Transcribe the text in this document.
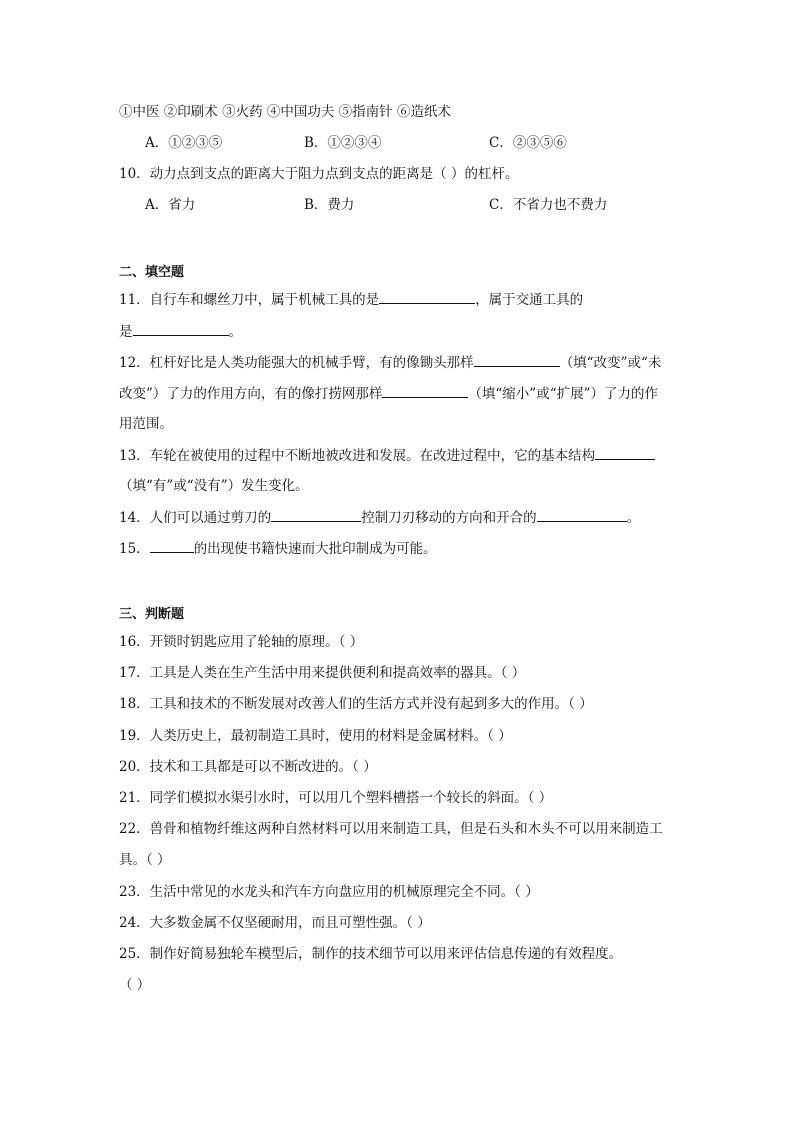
①中医 ②印刷术 ③火药 ④中国功夫 ⑤指南针 ⑥造纸术
A．①②③⑤	B．①②③④	C．②③⑤⑥
10．动力点到支点的距离大于阻力点到支点的距离是（ ）的杠杆。
A．省力	B．费力	C．不省力也不费力
二、填空题
11．自行车和螺丝刀中，属于机械工具的是	，属于交通工具的
是	。
12．杠杆好比是人类功能强大的机械手臂，有的像锄头那样	（填“改变”或“未
改变”）了力的作用方向，有的像打捞网那样	（填“缩小”或“扩展”）了力的作
用范围。
13．车轮在被使用的过程中不断地被改进和发展。在改进过程中，它的基本结构
（填“有”或“没有”）发生变化。
14．人们可以通过剪刀的	控制刀刃移动的方向和开合的	。
15．	的出现使书籍快速而大批印制成为可能。
三、判断题
16．开锁时钥匙应用了轮轴的原理。（ ）
17．工具是人类在生产生活中用来提供便利和提高效率的器具。（ ）
18．工具和技术的不断发展对改善人们的生活方式并没有起到多大的作用。（ ）
19．人类历史上，最初制造工具时，使用的材料是金属材料。（ ）
20．技术和工具都是可以不断改进的。（ ）
21．同学们模拟水渠引水时，可以用几个塑料槽搭一个较长的斜面。（ ）
22．兽骨和植物纤维这两种自然材料可以用来制造工具，但是石头和木头不可以用来制造工
具。（ ）
23．生活中常见的水龙头和汽车方向盘应用的机械原理完全不同。（ ）
24．大多数金属不仅坚硬耐用，而且可塑性强。（ ）
25．制作好简易独轮车模型后，制作的技术细节可以用来评估信息传递的有效程度。
（ ）
